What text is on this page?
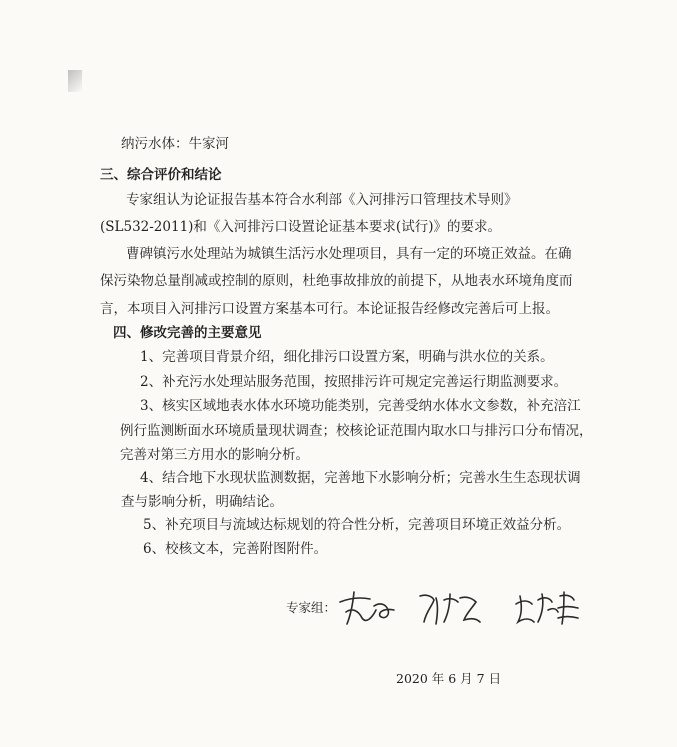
纳污水体：牛家河
三、综合评价和结论
专家组认为论证报告基本符合水利部《入河排污口管理技术导则》
(SL532-2011)和《入河排污口设置论证基本要求(试行)》的要求。
曹碑镇污水处理站为城镇生活污水处理项目，具有一定的环境正效益。在确
保污染物总量削减或控制的原则，杜绝事故排放的前提下，从地表水环境角度而
言，本项目入河排污口设置方案基本可行。本论证报告经修改完善后可上报。
四、修改完善的主要意见
1、完善项目背景介绍，细化排污口设置方案，明确与洪水位的关系。
2、补充污水处理站服务范围，按照排污许可规定完善运行期监测要求。
3、核实区域地表水体水环境功能类别，完善受纳水体水文参数，补充涪江
例行监测断面水环境质量现状调查；校核论证范围内取水口与排污口分布情况，
完善对第三方用水的影响分析。
4、结合地下水现状监测数据，完善地下水影响分析；完善水生生态现状调
查与影响分析，明确结论。
5、补充项目与流域达标规划的符合性分析，完善项目环境正效益分析。
6、校核文本，完善附图附件。
专家组：
2020 年 6 月 7 日
